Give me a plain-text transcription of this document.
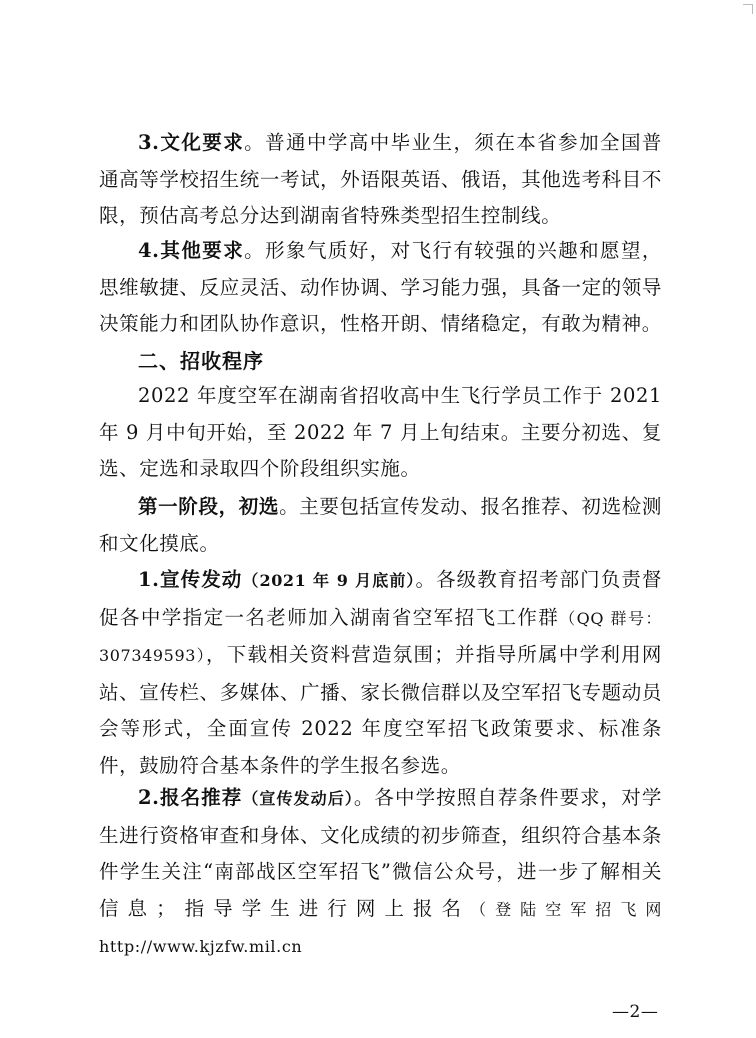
3.文化要求。普通中学高中毕业生，须在本省参加全国普通高等学校招生统一考试，外语限英语、俄语，其他选考科目不限，预估高考总分达到湖南省特殊类型招生控制线。

4.其他要求。形象气质好，对飞行有较强的兴趣和愿望，思维敏捷、反应灵活、动作协调、学习能力强，具备一定的领导决策能力和团队协作意识，性格开朗、情绪稳定，有敢为精神。

二、招收程序

2022 年度空军在湖南省招收高中生飞行学员工作于 2021 年 9 月中旬开始，至 2022 年 7 月上旬结束。主要分初选、复选、定选和录取四个阶段组织实施。

第一阶段，初选。主要包括宣传发动、报名推荐、初选检测和文化摸底。

1.宣传发动（2021 年 9 月底前）。各级教育招考部门负责督促各中学指定一名老师加入湖南省空军招飞工作群（QQ 群号：307349593），下载相关资料营造氛围；并指导所属中学利用网站、宣传栏、多媒体、广播、家长微信群以及空军招飞专题动员会等形式，全面宣传 2022 年度空军招飞政策要求、标准条件，鼓励符合基本条件的学生报名参选。

2.报名推荐（宣传发动后）。各中学按照自荐条件要求，对学生进行资格审查和身体、文化成绩的初步筛查，组织符合基本条件学生关注“南部战区空军招飞”微信公众号，进一步了解相关信息；指导学生进行网上报名（登陆空军招飞网 http://www.kjzfw.mil.cn

—2—
